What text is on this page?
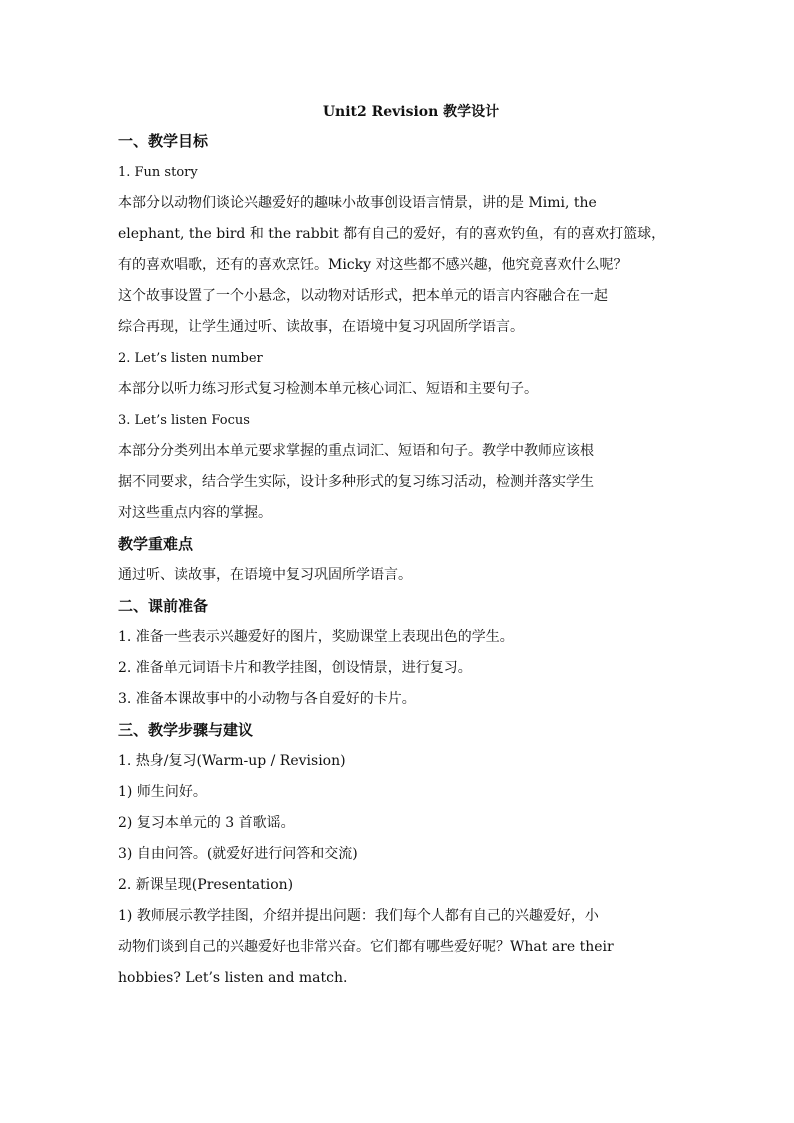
Unit2 Revision 教学设计
一、教学目标
1. Fun story
本部分以动物们谈论兴趣爱好的趣味小故事创设语言情景，讲的是 Mimi, the
elephant, the bird 和 the rabbit 都有自己的爱好，有的喜欢钓鱼，有的喜欢打篮球，
有的喜欢唱歌，还有的喜欢烹饪。Micky 对这些都不感兴趣，他究竟喜欢什么呢？
这个故事设置了一个小悬念，以动物对话形式，把本单元的语言内容融合在一起
综合再现，让学生通过听、读故事，在语境中复习巩固所学语言。
2. Let’s listen number
本部分以听力练习形式复习检测本单元核心词汇、短语和主要句子。
3. Let’s listen Focus
本部分分类列出本单元要求掌握的重点词汇、短语和句子。教学中教师应该根
据不同要求，结合学生实际，设计多种形式的复习练习活动，检测并落实学生
对这些重点内容的掌握。
教学重难点
通过听、读故事，在语境中复习巩固所学语言。
二、课前准备
1. 准备一些表示兴趣爱好的图片，奖励课堂上表现出色的学生。
2. 准备单元词语卡片和教学挂图，创设情景，进行复习。
3. 准备本课故事中的小动物与各自爱好的卡片。
三、教学步骤与建议
1. 热身/复习(Warm-up / Revision)
1) 师生问好。
2) 复习本单元的 3 首歌谣。
3) 自由问答。(就爱好进行问答和交流)
2. 新课呈现(Presentation)
1) 教师展示教学挂图，介绍并提出问题：我们每个人都有自己的兴趣爱好，小
动物们谈到自己的兴趣爱好也非常兴奋。它们都有哪些爱好呢？What are their
hobbies? Let’s listen and match.
